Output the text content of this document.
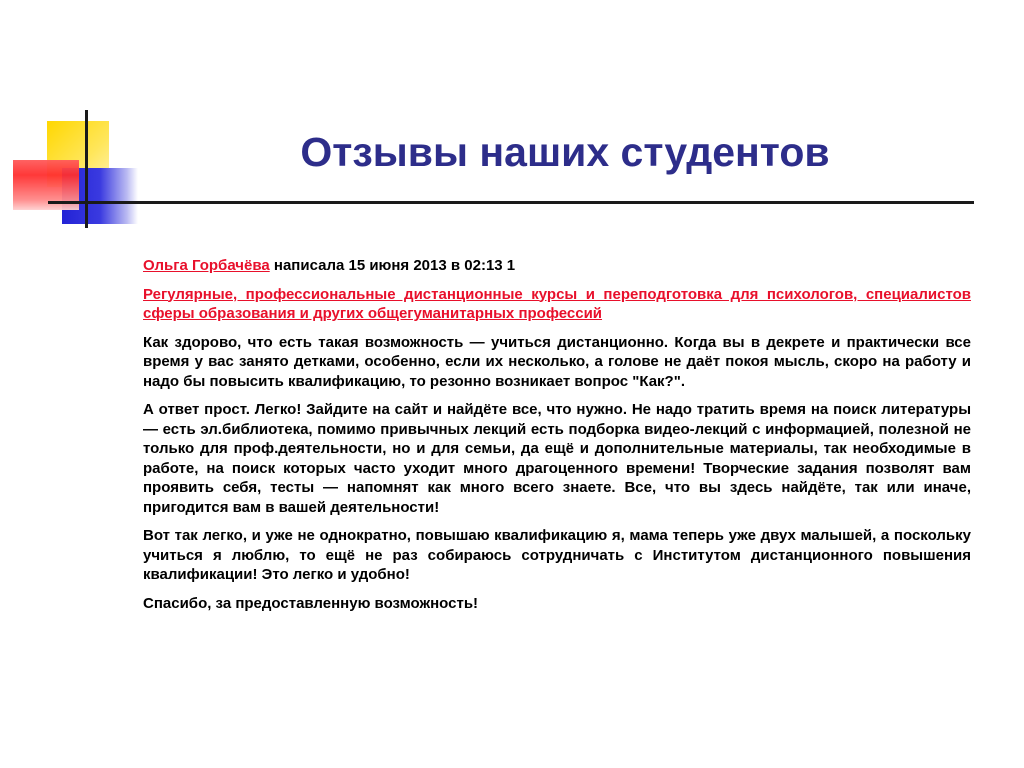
Отзывы наших студентов

Ольга Горбачёва написала 15 июня 2013 в 02:13 1

Регулярные, профессиональные дистанционные курсы и переподготовка для психологов, специалистов сферы образования и других общегуманитарных профессий

Как здорово, что есть такая возможность — учиться дистанционно. Когда вы в декрете и практически все время у вас занято детками, особенно, если их несколько, а голове не даёт покоя мысль, скоро на работу и надо бы повысить квалификацию, то резонно возникает вопрос "Как?".

А ответ прост. Легко! Зайдите на сайт и найдёте все, что нужно. Не надо тратить время на поиск литературы — есть эл.библиотека, помимо привычных лекций есть подборка видео-лекций с информацией, полезной не только для проф.деятельности, но и для семьи, да ещё и дополнительные материалы, так необходимые в работе, на поиск которых часто уходит много драгоценного времени! Творческие задания позволят вам проявить себя, тесты — напомнят как много всего знаете. Все, что вы здесь найдёте, так или иначе, пригодится вам в вашей деятельности!

Вот так легко, и уже не однократно, повышаю квалификацию я, мама теперь уже двух малышей, а поскольку учиться я люблю, то ещё не раз собираюсь сотрудничать с Институтом дистанционного повышения квалификации! Это легко и удобно!

Спасибо, за предоставленную возможность!
